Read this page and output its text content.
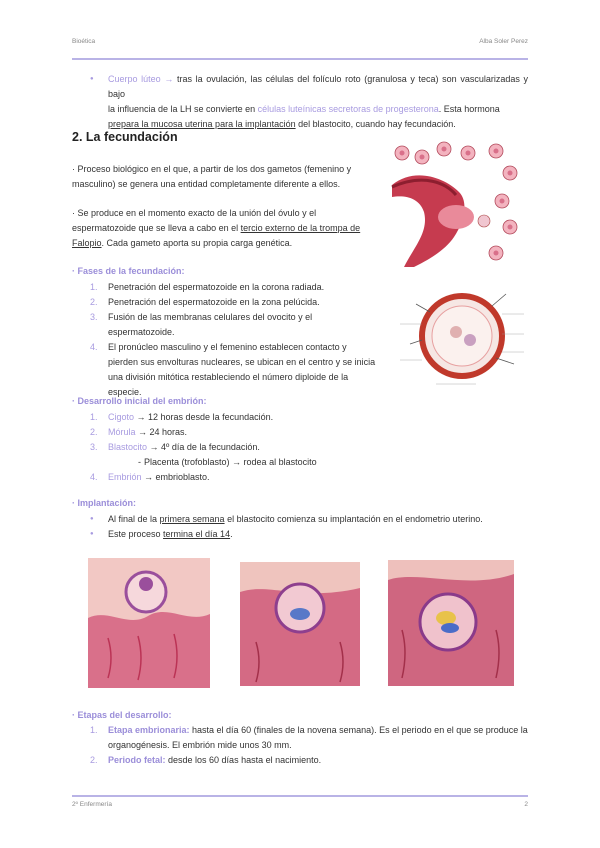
Bioética	Alba Soler Perez
Cuerpo lúteo → tras la ovulación, las células del folículo roto (granulosa y teca) son vascularizadas y bajo
la influencia de la LH se convierte en células luteínicas secretoras de progesterona. Esta hormona
prepara la mucosa uterina para la implantación del blastocito, cuando hay fecundación.
2. La fecundación
· Proceso biológico en el que, a partir de los dos gametos (femenino y
masculino) se genera una entidad completamente diferente a ellos.
· Se produce en el momento exacto de la unión del óvulo y el
espermatozoide que se lleva a cabo en el tercio externo de la trompa de
Falopio. Cada gameto aporta su propia carga genética.
· Fases de la fecundación:
1. Penetración del espermatozoide en la corona radiada.
2. Penetración del espermatozoide en la zona pelúcida.
3. Fusión de las membranas celulares del ovocito y el espermatozoide.
4. El pronúcleo masculino y el femenino establecen contacto y
pierden sus envolturas nucleares, se ubican en el centro y se inicia
una división mitótica restableciendo el número diploide de la
especie.
· Desarrollo inicial del embrión:
1. Cigoto → 12 horas desde la fecundación.
2. Mórula → 24 horas.
3. Blastocito → 4º día de la fecundación.
- Placenta (trofoblasto) → rodea al blastocito
4. Embrión → embrioblasto.
· Implantación:
Al final de la primera semana el blastocito comienza su implantación en el endometrio uterino.
Este proceso termina el día 14.
· Etapas del desarrollo:
1. Etapa embrionaria: hasta el día 60 (finales de la novena semana). Es el periodo en el que se produce la
organogénesis. El embrión mide unos 30 mm.
2. Periodo fetal: desde los 60 días hasta el nacimiento.
2º Enfermería	2
